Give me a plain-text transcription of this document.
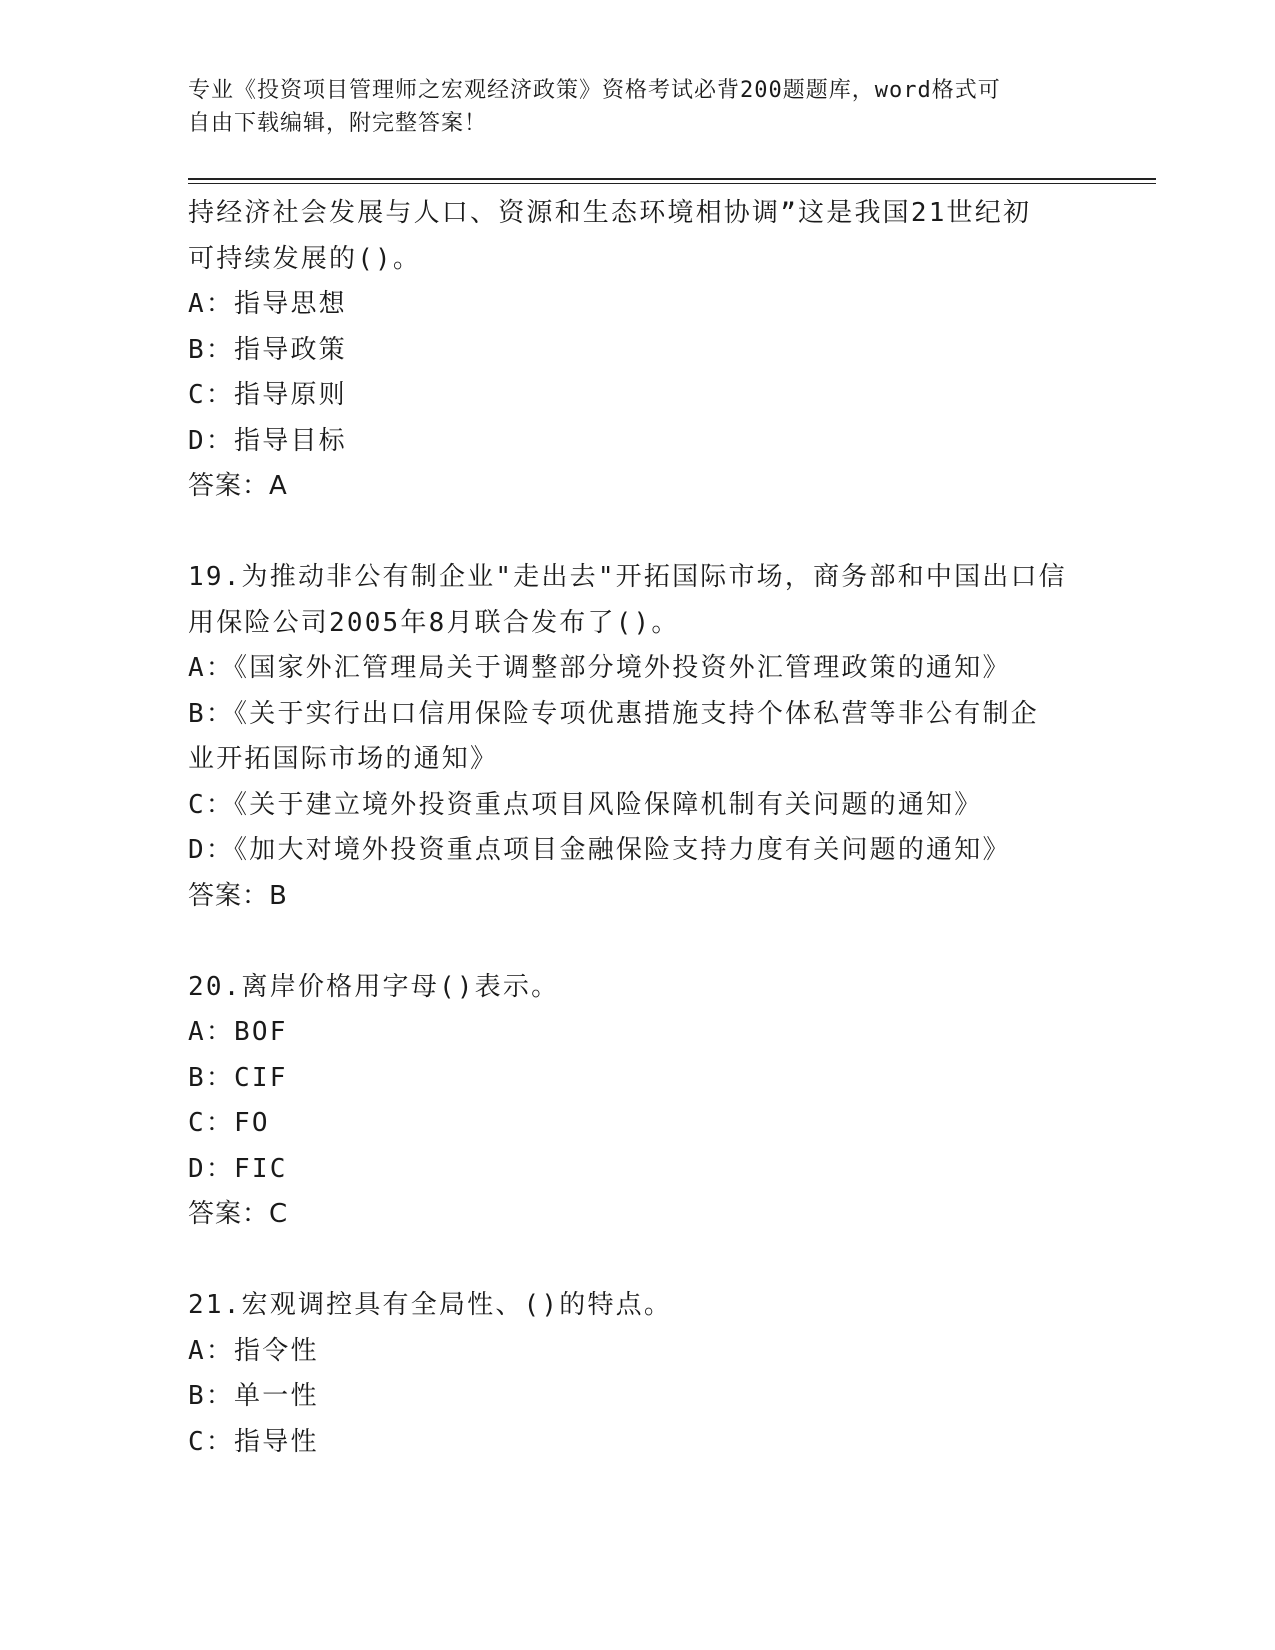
专业《投资项目管理师之宏观经济政策》资格考试必背200题题库，word格式可
自由下载编辑，附完整答案！
持经济社会发展与人口、资源和生态环境相协调”这是我国21世纪初
可持续发展的()。
A：指导思想
B：指导政策
C：指导原则
D：指导目标
答案：A
19.为推动非公有制企业"走出去"开拓国际市场，商务部和中国出口信
用保险公司2005年8月联合发布了()。
A：《国家外汇管理局关于调整部分境外投资外汇管理政策的通知》
B：《关于实行出口信用保险专项优惠措施支持个体私营等非公有制企
业开拓国际市场的通知》
C：《关于建立境外投资重点项目风险保障机制有关问题的通知》
D：《加大对境外投资重点项目金融保险支持力度有关问题的通知》
答案：B
20.离岸价格用字母()表示。
A：BOF
B：CIF
C：FO
D：FIC
答案：C
21.宏观调控具有全局性、()的特点。
A：指令性
B：单一性
C：指导性
